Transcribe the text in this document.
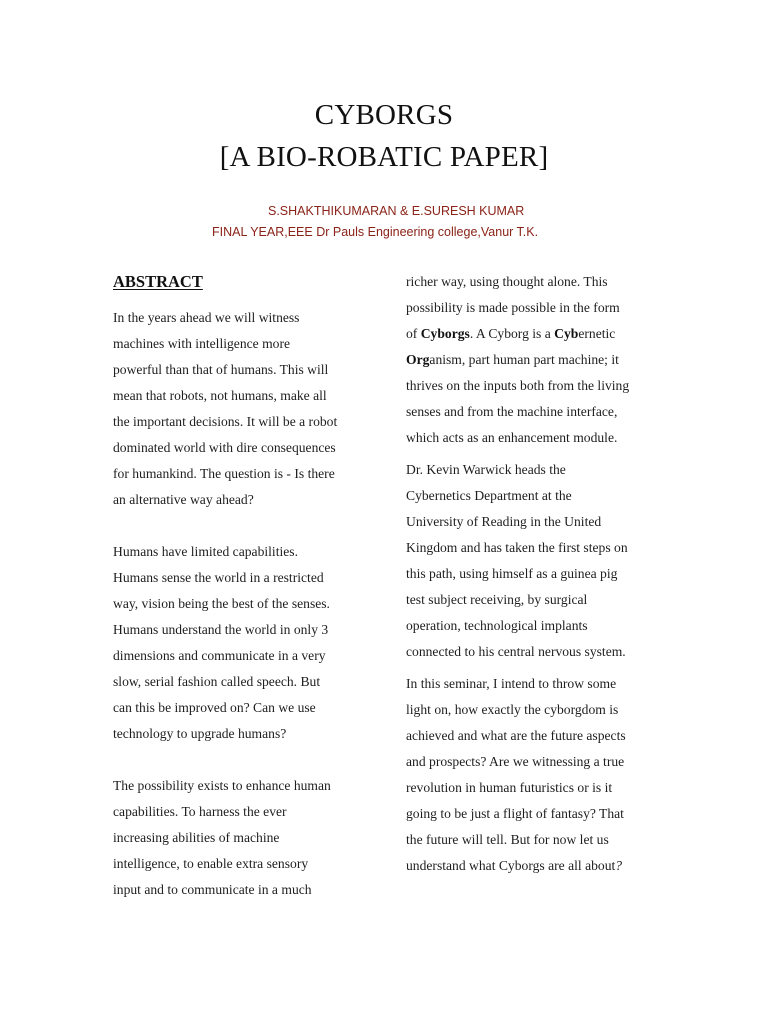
CYBORGS
[A BIO-ROBATIC PAPER]
S.SHAKTHIKUMARAN & E.SURESH KUMAR
FINAL YEAR,EEE Dr Pauls Engineering college,Vanur T.K.
ABSTRACT
In the years ahead we will witness
machines with intelligence more
powerful than that of humans. This will
mean that robots, not humans, make all
the important decisions. It will be a robot
dominated world with dire consequences
for humankind. The question is - Is there
an alternative way ahead?
Humans have limited capabilities.
Humans sense the world in a restricted
way, vision being the best of the senses.
Humans understand the world in only 3
dimensions and communicate in a very
slow, serial fashion called speech. But
can this be improved on? Can we use
technology to upgrade humans?
The possibility exists to enhance human
capabilities. To harness the ever
increasing abilities of machine
intelligence, to enable extra sensory
input and to communicate in a much
richer way, using thought alone. This
possibility is made possible in the form
of Cyborgs. A Cyborg is a Cybernetic
Organism, part human part machine; it
thrives on the inputs both from the living
senses and from the machine interface,
which acts as an enhancement module.
Dr. Kevin Warwick heads the
Cybernetics Department at the
University of Reading in the United
Kingdom and has taken the first steps on
this path, using himself as a guinea pig
test subject receiving, by surgical
operation, technological implants
connected to his central nervous system.
In this seminar, I intend to throw some
light on, how exactly the cyborgdom is
achieved and what are the future aspects
and prospects? Are we witnessing a true
revolution in human futuristics or is it
going to be just a flight of fantasy? That
the future will tell. But for now let us
understand what Cyborgs are all about?
